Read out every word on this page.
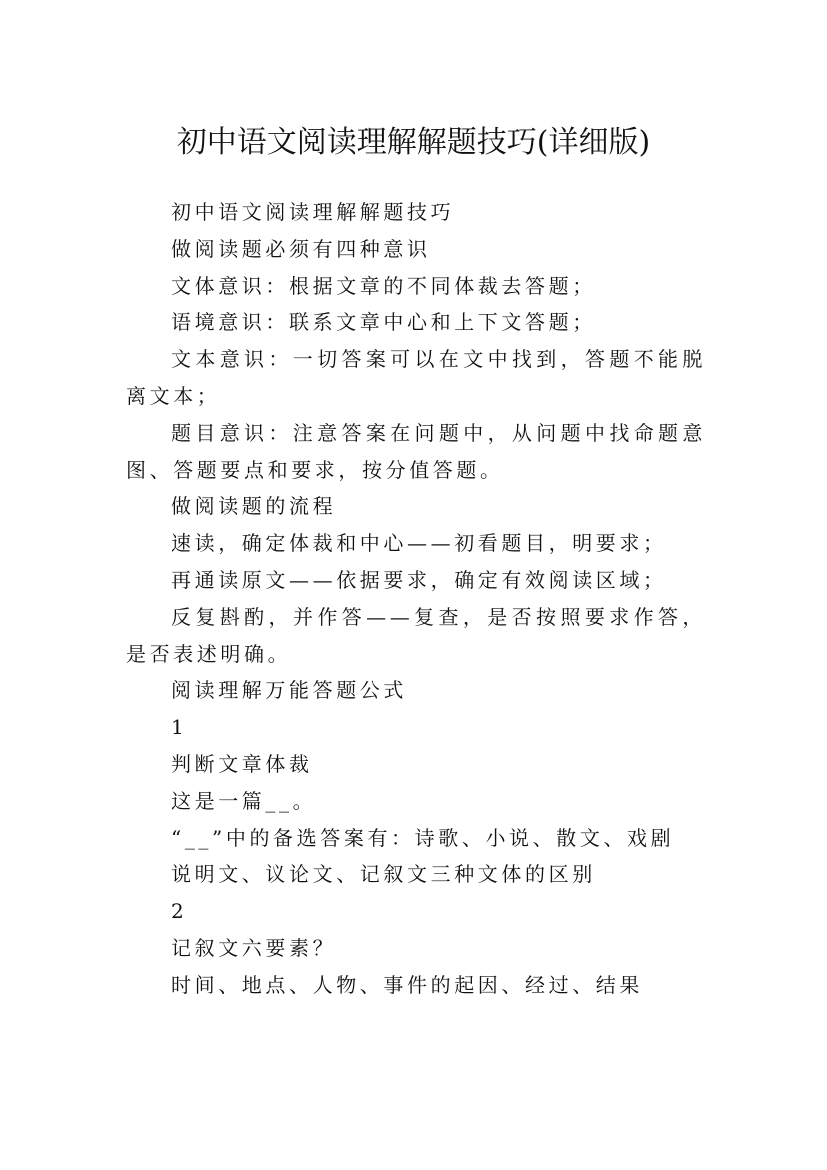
初中语文阅读理解解题技巧(详细版)

初中语文阅读理解解题技巧

做阅读题必须有四种意识

文体意识：根据文章的不同体裁去答题；

语境意识：联系文章中心和上下文答题；

文本意识：一切答案可以在文中找到，答题不能脱离文本；

题目意识：注意答案在问题中，从问题中找命题意图、答题要点和要求，按分值答题。

做阅读题的流程

速读，确定体裁和中心——初看题目，明要求；

再通读原文——依据要求，确定有效阅读区域；

反复斟酌，并作答——复查，是否按照要求作答，是否表述明确。

阅读理解万能答题公式

1

判断文章体裁

这是一篇__。

“__”中的备选答案有：诗歌、小说、散文、戏剧

说明文、议论文、记叙文三种文体的区别

2

记叙文六要素？

时间、地点、人物、事件的起因、经过、结果
